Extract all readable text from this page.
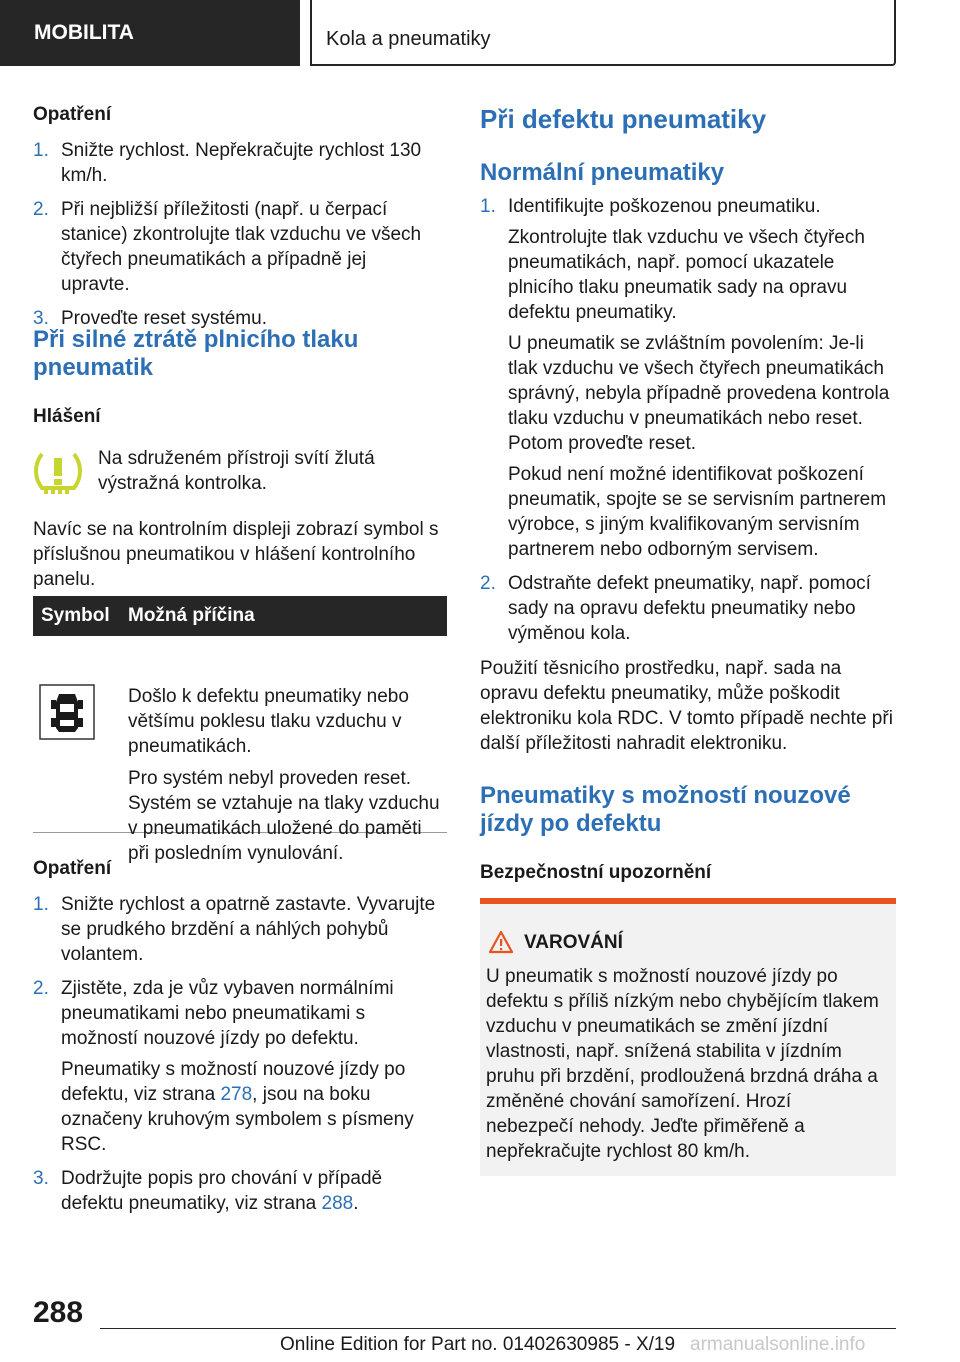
MOBILITA	Kola a pneumatiky
Opatření
1. Snižte rychlost. Nepřekračujte rychlost 130 km/h.
2. Při nejbližší příležitosti (např. u čerpací stanice) zkontrolujte tlak vzduchu ve všech čtyřech pneumatikách a případně jej upravte.
3. Proveďte reset systému.
Při silné ztrátě plnicího tlaku pneumatik
Hlášení
Na sdruženém přístroji svítí žlutá výstražná kontrolka.
Navíc se na kontrolním displeji zobrazí symbol s příslušnou pneumatikou v hlášení kontrolního panelu.
Symbol Možná příčina
Došlo k defektu pneumatiky nebo většímu poklesu tlaku vzduchu v pneumatikách.
Pro systém nebyl proveden reset. Systém se vztahuje na tlaky vzduchu v pneumatikách uložené do paměti při posledním vynulování.
Opatření
1. Snižte rychlost a opatrně zastavte. Vyvarujte se prudkého brzdění a náhlých pohybů volantem.
2. Zjistěte, zda je vůz vybaven normálními pneumatikami nebo pneumatikami s možností nouzové jízdy po defektu.
Pneumatiky s možností nouzové jízdy po defektu, viz strana 278, jsou na boku označeny kruhovým symbolem s písmeny RSC.
3. Dodržujte popis pro chování v případě defektu pneumatiky, viz strana 288.
Při defektu pneumatiky
Normální pneumatiky
1. Identifikujte poškozenou pneumatiku.
Zkontrolujte tlak vzduchu ve všech čtyřech pneumatikách, např. pomocí ukazatele plnicího tlaku pneumatik sady na opravu defektu pneumatiky.
U pneumatik se zvláštním povolením: Je-li tlak vzduchu ve všech čtyřech pneumatikách správný, nebyla případně provedena kontrola tlaku vzduchu v pneumatikách nebo reset. Potom proveďte reset.
Pokud není možné identifikovat poškození pneumatik, spojte se se servisním partnerem výrobce, s jiným kvalifikovaným servisním partnerem nebo odborným servisem.
2. Odstraňte defekt pneumatiky, např. pomocí sady na opravu defektu pneumatiky nebo výměnou kola.
Použití těsnicího prostředku, např. sada na opravu defektu pneumatiky, může poškodit elektroniku kola RDC. V tomto případě nechte při další příležitosti nahradit elektroniku.
Pneumatiky s možností nouzové jízdy po defektu
Bezpečnostní upozornění
VAROVÁNÍ
U pneumatik s možností nouzové jízdy po defektu s příliš nízkým nebo chybějícím tlakem vzduchu v pneumatikách se změní jízdní vlastnosti, např. snížená stabilita v jízdním pruhu při brzdění, prodloužená brzdná dráha a změněné chování samořízení. Hrozí nebezpečí nehody. Jeďte přiměřeně a nepřekračujte rychlost 80 km/h.
288
Online Edition for Part no. 01402630985 - X/19 armanualsonline.info
